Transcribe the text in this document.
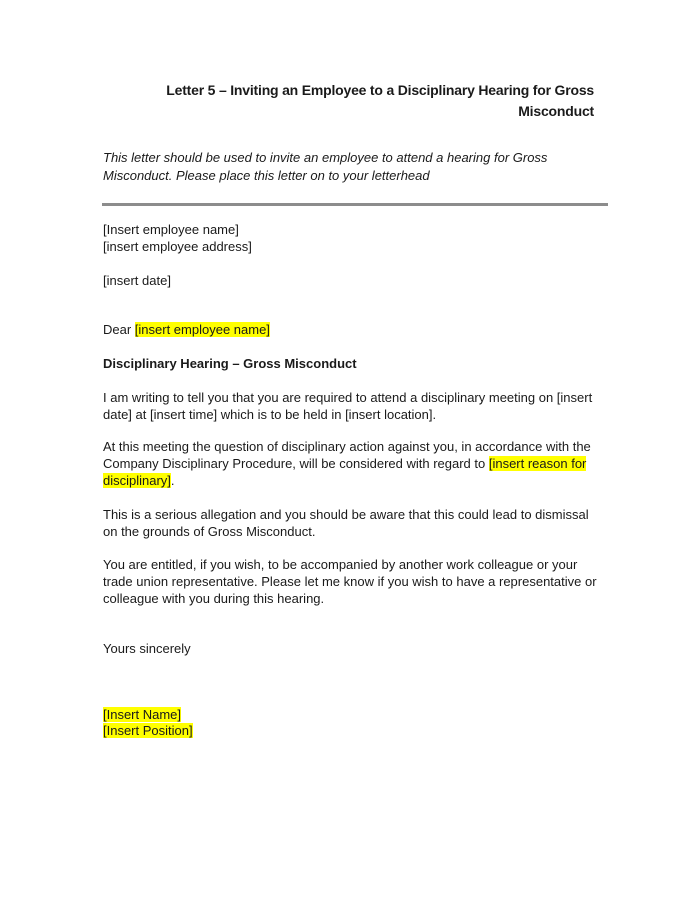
Letter 5 – Inviting an Employee to a Disciplinary Hearing for Gross Misconduct
This letter should be used to invite an employee to attend a hearing for Gross Misconduct. Please place this letter on to your letterhead
[Insert employee name]
[insert employee address]
[insert date]
Dear [insert employee name]
Disciplinary Hearing – Gross Misconduct
I am writing to tell you that you are required to attend a disciplinary meeting on [insert date] at [insert time] which is to be held in [insert location].
At this meeting the question of disciplinary action against you, in accordance with the Company Disciplinary Procedure, will be considered with regard to [insert reason for disciplinary].
This is a serious allegation and you should be aware that this could lead to dismissal on the grounds of Gross Misconduct.
You are entitled, if you wish, to be accompanied by another work colleague or your trade union representative. Please let me know if you wish to have a representative or colleague with you during this hearing.
Yours sincerely
[Insert Name]
[Insert Position]
